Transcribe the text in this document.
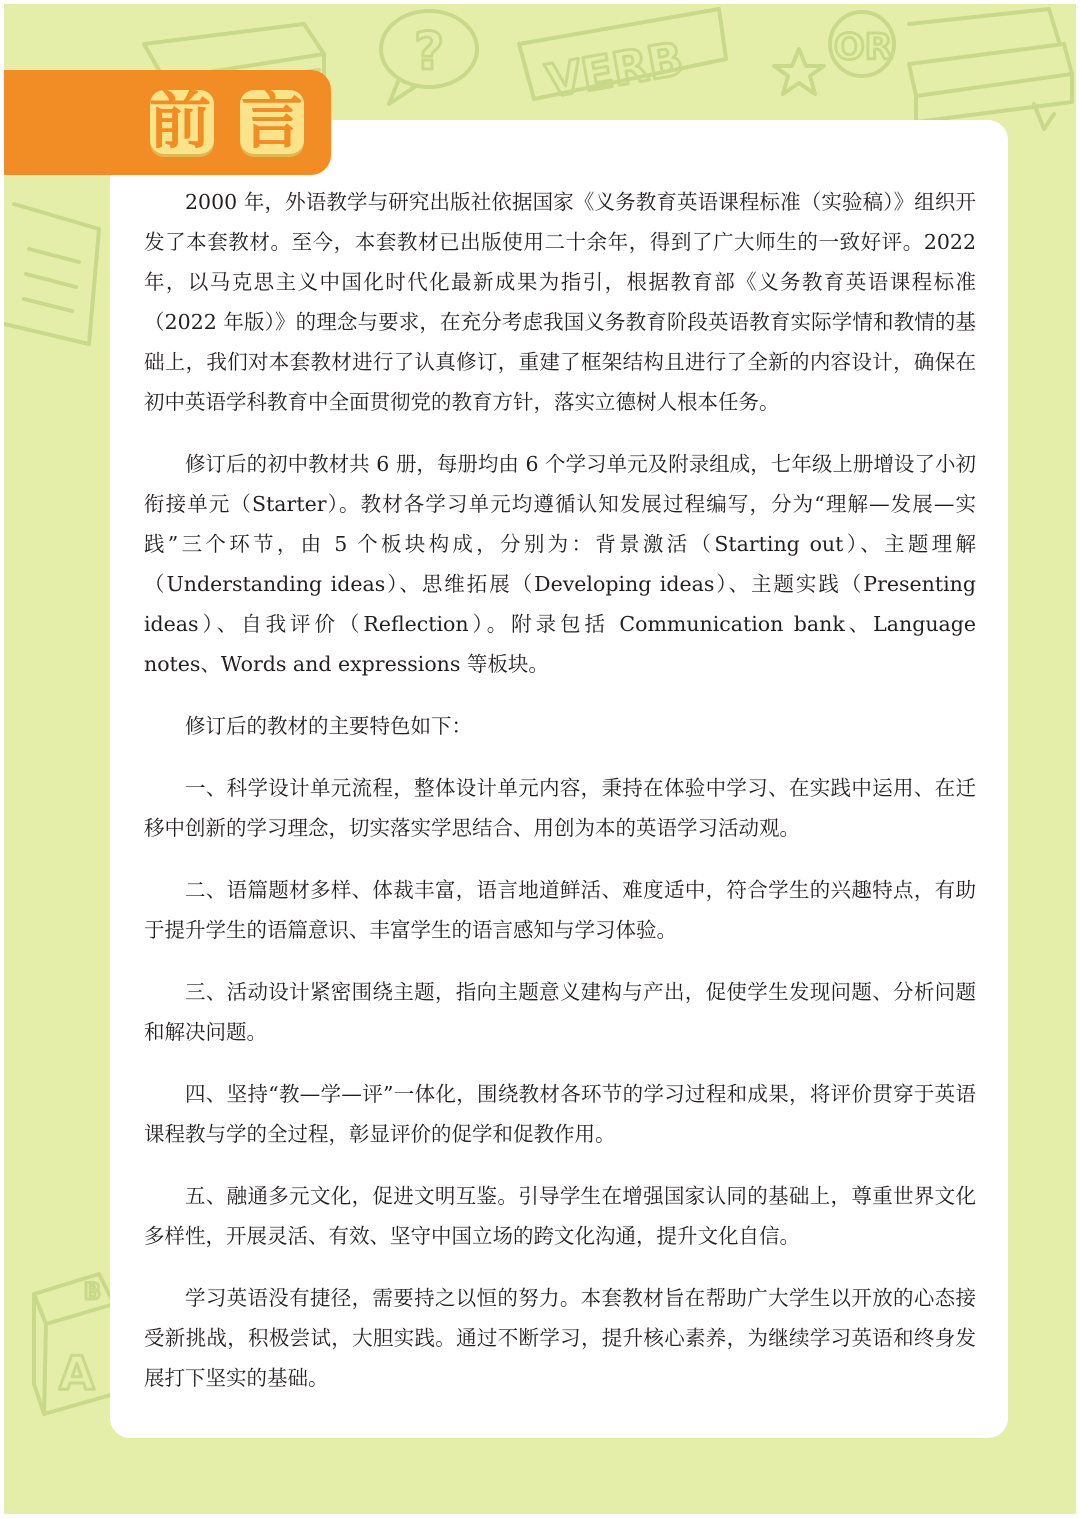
? VERB	OR
A
B
前言

2000 年，外语教学与研究出版社依据国家《义务教育英语课程标准（实验稿）》组织开发了本套教材。至今，本套教材已出版使用二十余年，得到了广大师生的一致好评。2022 年，以马克思主义中国化时代化最新成果为指引，根据教育部《义务教育英语课程标准（2022 年版）》的理念与要求，在充分考虑我国义务教育阶段英语教育实际学情和教情的基础上，我们对本套教材进行了认真修订，重建了框架结构且进行了全新的内容设计，确保在初中英语学科教育中全面贯彻党的教育方针，落实立德树人根本任务。

修订后的初中教材共 6 册，每册均由 6 个学习单元及附录组成，七年级上册增设了小初衔接单元（Starter）。教材各学习单元均遵循认知发展过程编写，分为“理解—发展—实践”三个环节，由 5 个板块构成，分别为：背景激活（Starting out）、主题理解（Understanding ideas）、思维拓展（Developing ideas）、主题实践（Presenting ideas）、自我评价（Reflection）。附录包括 Communication bank、Language notes、Words and expressions 等板块。

修订后的教材的主要特色如下：

一、科学设计单元流程，整体设计单元内容，秉持在体验中学习、在实践中运用、在迁移中创新的学习理念，切实落实学思结合、用创为本的英语学习活动观。

二、语篇题材多样、体裁丰富，语言地道鲜活、难度适中，符合学生的兴趣特点，有助于提升学生的语篇意识、丰富学生的语言感知与学习体验。

三、活动设计紧密围绕主题，指向主题意义建构与产出，促使学生发现问题、分析问题和解决问题。

四、坚持“教—学—评”一体化，围绕教材各环节的学习过程和成果，将评价贯穿于英语课程教与学的全过程，彰显评价的促学和促教作用。

五、融通多元文化，促进文明互鉴。引导学生在增强国家认同的基础上，尊重世界文化多样性，开展灵活、有效、坚守中国立场的跨文化沟通，提升文化自信。

学习英语没有捷径，需要持之以恒的努力。本套教材旨在帮助广大学生以开放的心态接受新挑战，积极尝试，大胆实践。通过不断学习，提升核心素养，为继续学习英语和终身发展打下坚实的基础。
